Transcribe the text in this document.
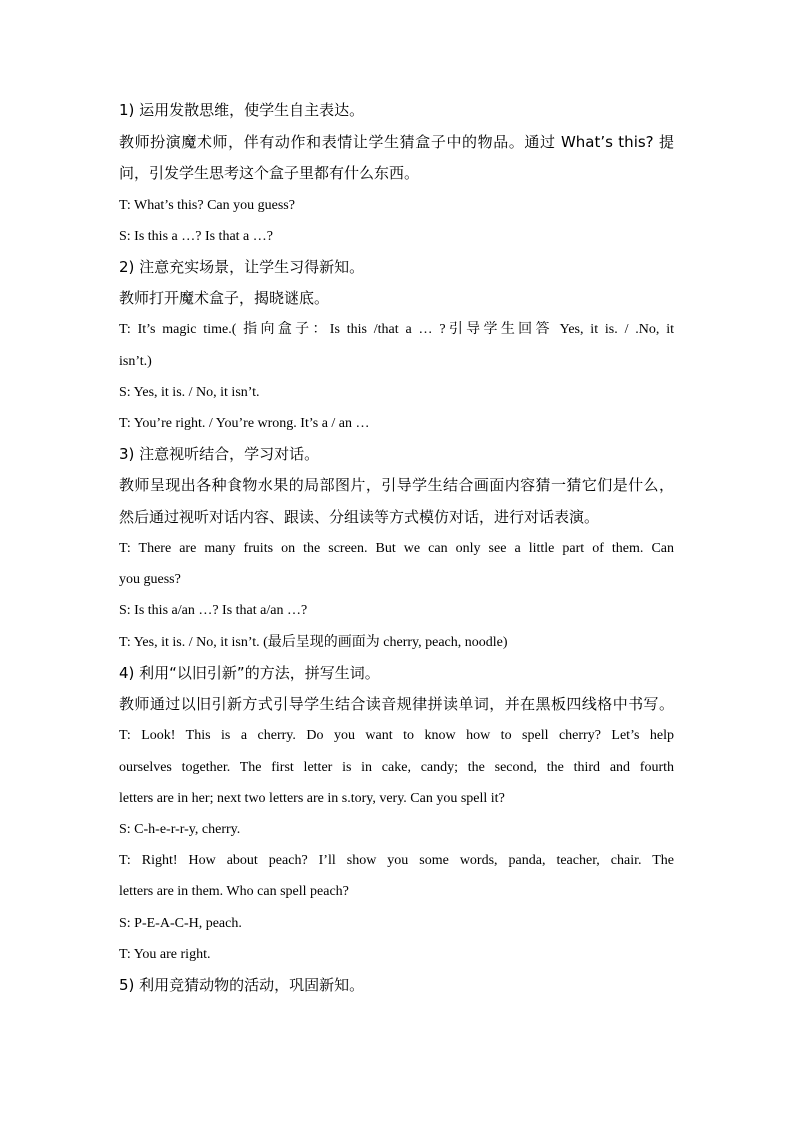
1) 运用发散思维，使学生自主表达。
教师扮演魔术师，伴有动作和表情让学生猜盒子中的物品。通过 What’s this? 提
问，引发学生思考这个盒子里都有什么东西。
T: What’s this? Can you guess?
S: Is this a …? Is that a …?
2) 注意充实场景，让学生习得新知。
教师打开魔术盒子，揭晓谜底。
T: It’s magic time.( 指向盒子：Is this /that a … ?引导学生回答 Yes, it is. / .No, it
isn’t.)
S: Yes, it is. / No, it isn’t.
T: You’re right. / You’re wrong. It’s a / an …
3) 注意视听结合，学习对话。
教师呈现出各种食物水果的局部图片，引导学生结合画面内容猜一猜它们是什么，
然后通过视听对话内容、跟读、分组读等方式模仿对话，进行对话表演。
T: There are many fruits on the screen. But we can only see a little part of them. Can
you guess?
S: Is this a/an …? Is that a/an …?
T: Yes, it is. / No, it isn’t. (最后呈现的画面为 cherry, peach, noodle)
4) 利用“以旧引新”的方法，拼写生词。
教师通过以旧引新方式引导学生结合读音规律拼读单词，并在黑板四线格中书写。
T: Look! This is a cherry. Do you want to know how to spell cherry? Let’s help
ourselves together. The first letter is in cake, candy; the second, the third and fourth
letters are in her; next two letters are in s.tory, very. Can you spell it?
S: C-h-e-r-r-y, cherry.
T: Right! How about peach? I’ll show you some words, panda, teacher, chair. The
letters are in them. Who can spell peach?
S: P-E-A-C-H, peach.
T: You are right.
5) 利用竞猜动物的活动，巩固新知。
